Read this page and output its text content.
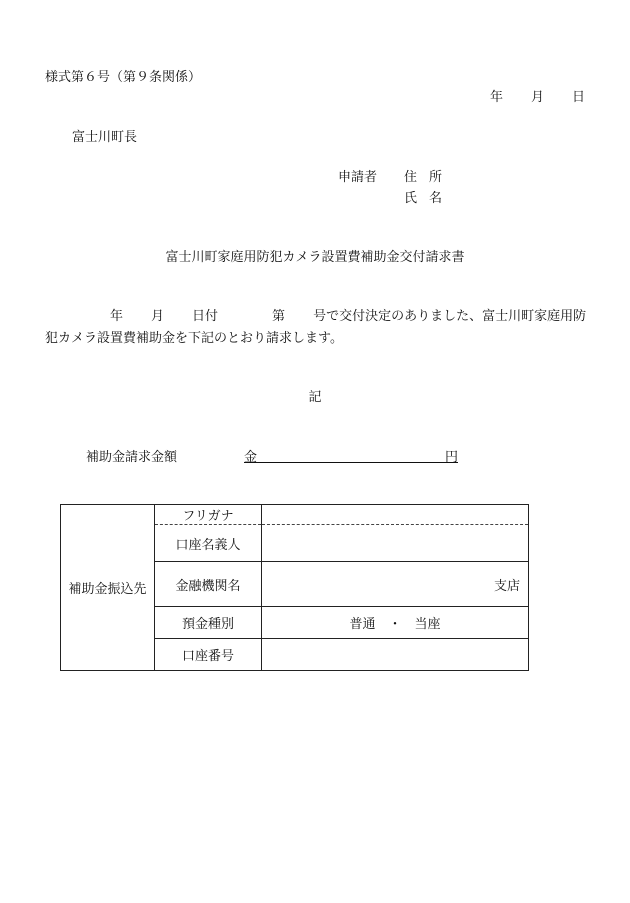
様式第６号（第９条関係）
年 月 日
富士川町長
申請者 住所
氏名
富士川町家庭用防犯カメラ設置費補助金交付請求書
年 月 日付	第 号で交付決定のありました、富士川町家庭用防
犯カメラ設置費補助金を下記のとおり請求します。
記
補助金請求金額	金	円
補助金振込先	フリガナ	
	口座名義人	
	金融機関名	支店
	預金種別	普通　・　当座
	口座番号	
